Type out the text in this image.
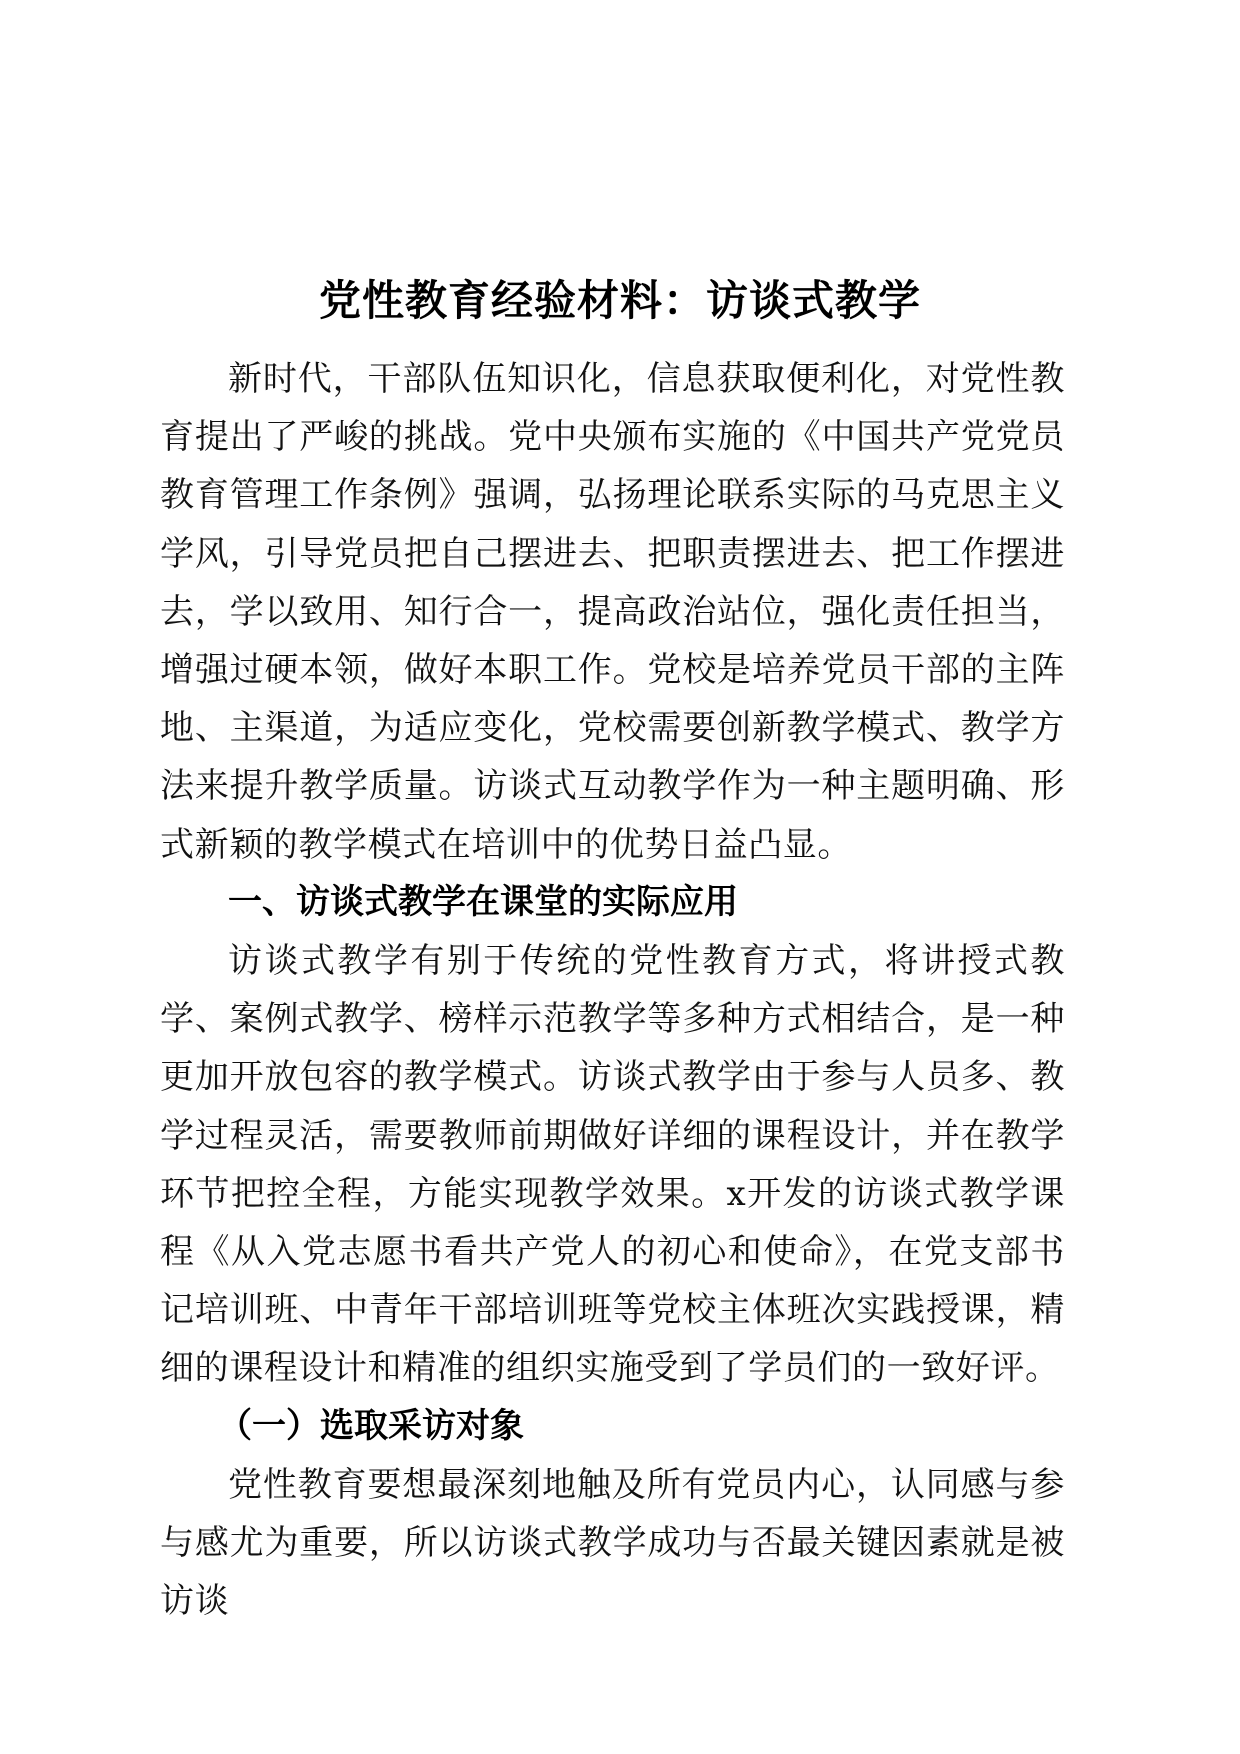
党性教育经验材料：访谈式教学
新时代，干部队伍知识化，信息获取便利化，对党性教育提出了严峻的挑战。党中央颁布实施的《中国共产党党员教育管理工作条例》强调，弘扬理论联系实际的马克思主义学风，引导党员把自己摆进去、把职责摆进去、把工作摆进去，学以致用、知行合一，提高政治站位，强化责任担当，增强过硬本领，做好本职工作。党校是培养党员干部的主阵地、主渠道，为适应变化，党校需要创新教学模式、教学方法来提升教学质量。访谈式互动教学作为一种主题明确、形式新颖的教学模式在培训中的优势日益凸显。
一、访谈式教学在课堂的实际应用
访谈式教学有别于传统的党性教育方式，将讲授式教学、案例式教学、榜样示范教学等多种方式相结合，是一种更加开放包容的教学模式。访谈式教学由于参与人员多、教学过程灵活，需要教师前期做好详细的课程设计，并在教学环节把控全程，方能实现教学效果。x开发的访谈式教学课程《从入党志愿书看共产党人的初心和使命》，在党支部书记培训班、中青年干部培训班等党校主体班次实践授课，精细的课程设计和精准的组织实施受到了学员们的一致好评。
（一）选取采访对象
党性教育要想最深刻地触及所有党员内心，认同感与参与感尤为重要，所以访谈式教学成功与否最关键因素就是被访谈
